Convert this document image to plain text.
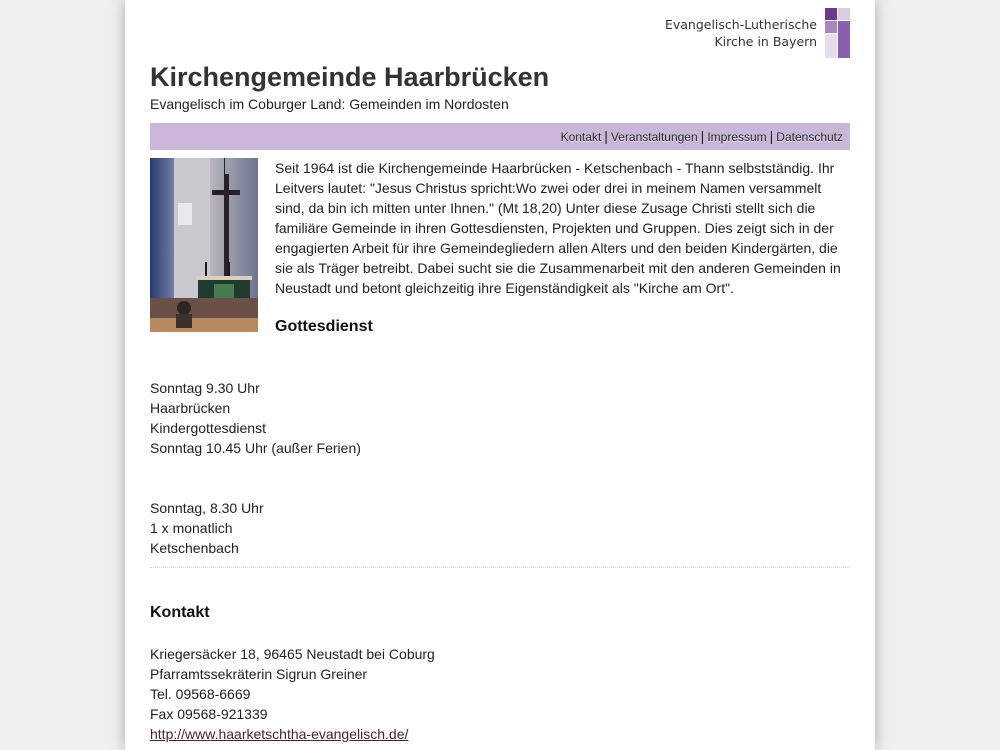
Evangelisch-Lutherische
Kirche in Bayern
Kirchengemeinde Haarbrücken

Evangelisch im Coburger Land: Gemeinden im Nordosten

Kontakt | Veranstaltungen | Impressum | Datenschutz

Seit 1964 ist die Kirchengemeinde Haarbrücken - Ketschenbach - Thann selbstständig. Ihr Leitvers lautet: "Jesus Christus spricht:Wo zwei oder drei in meinem Namen versammelt sind, da bin ich mitten unter Ihnen." (Mt 18,20) Unter diese Zusage Christi stellt sich die familiäre Gemeinde in ihren Gottesdiensten, Projekten und Gruppen. Dies zeigt sich in der engagierten Arbeit für ihre Gemeindegliedern allen Alters und den beiden Kindergärten, die sie als Träger betreibt. Dabei sucht sie die Zusammenarbeit mit den anderen Gemeinden in Neustadt und betont gleichzeitig ihre Eigenständigkeit als "Kirche am Ort".

Gottesdienst
Sonntag 9.30 Uhr
Haarbrücken
Kindergottesdienst
Sonntag 10.45 Uhr (außer Ferien)
Sonntag, 8.30 Uhr
1 x monatlich
Ketschenbach
Kontakt
Kriegersäcker 18, 96465 Neustadt bei Coburg
Pfarramtssekräterin Sigrun Greiner
Tel. 09568-6669
Fax 09568-921339
http://www.haarketschtha-evangelisch.de/
